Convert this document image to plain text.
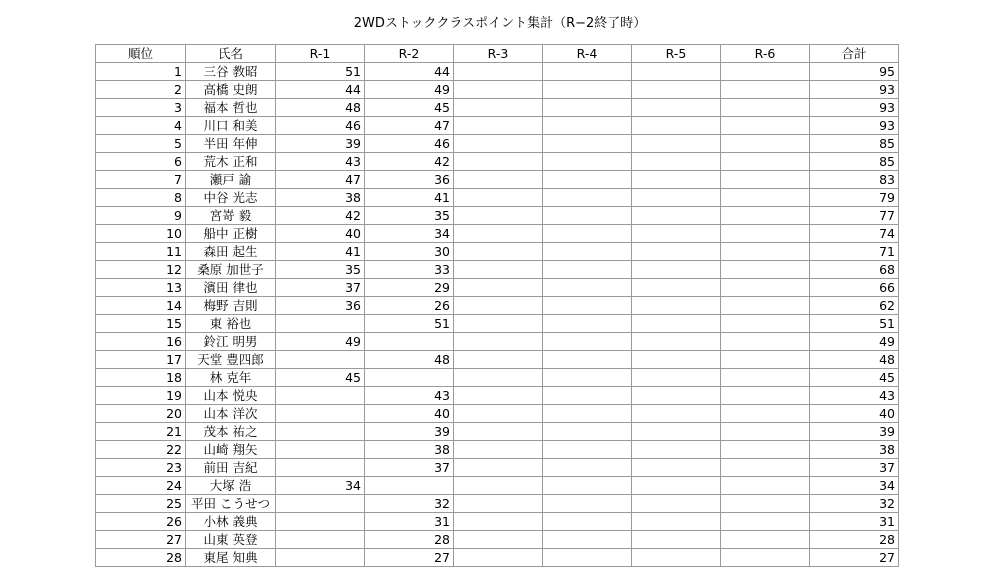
2WDストッククラスポイント集計（R−2終了時）
順位	氏名	R-1	R-2	R-3	R-4	R-5	R-6	合計
1	三谷 教昭	51	44					95
2	高橋 史朗	44	49					93
3	福本 哲也	48	45					93
4	川口 和美	46	47					93
5	半田 年伸	39	46					85
6	荒木 正和	43	42					85
7	瀬戸 諭	47	36					83
8	中谷 光志	38	41					79
9	宮嵜 毅	42	35					77
10	船中 正樹	40	34					74
11	森田 起生	41	30					71
12	桑原 加世子	35	33					68
13	濱田 律也	37	29					66
14	梅野 吉則	36	26					62
15	東 裕也		51					51
16	鈴江 明男	49						49
17	天堂 豊四郎		48					48
18	林 克年	45						45
19	山本 悦央		43					43
20	山本 洋次		40					40
21	茂本 祐之		39					39
22	山崎 翔矢		38					38
23	前田 吉紀		37					37
24	大塚 浩	34						34
25	平田 こうせつ		32					32
26	小林 義典		31					31
27	山東 英登		28					28
28	東尾 知典		27					27
